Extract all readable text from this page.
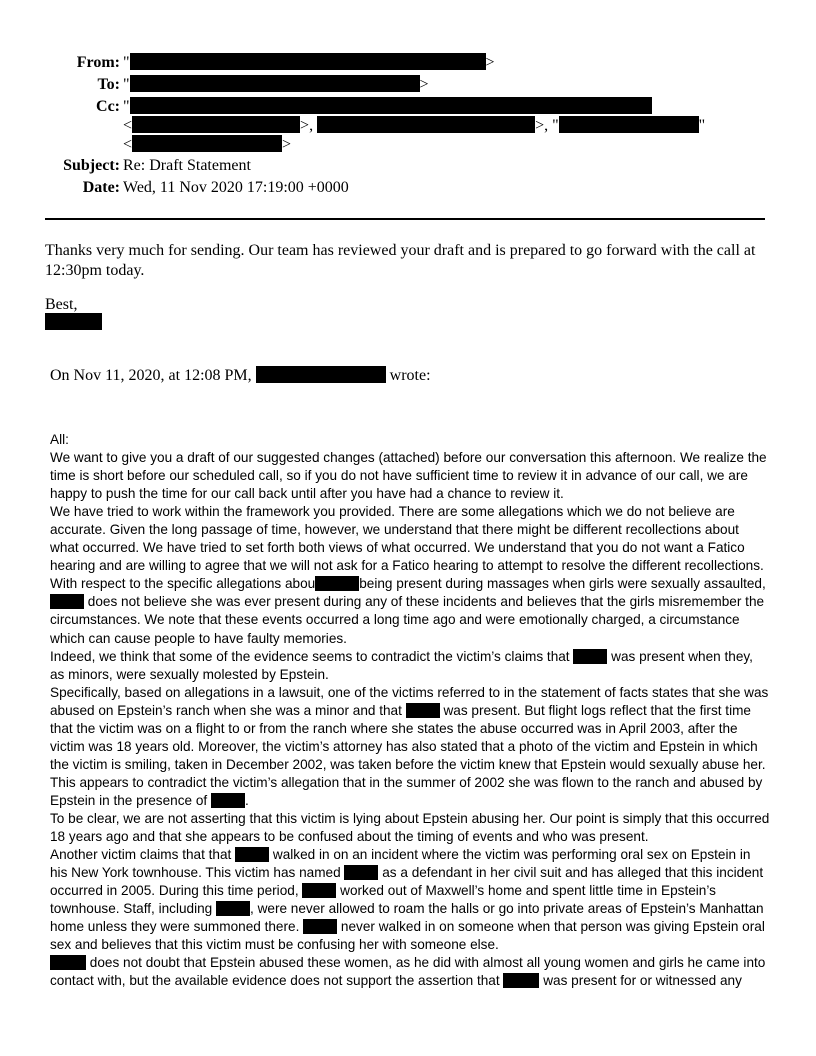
From: "	>
To: "	>
Cc: "
<	>,	>, "	"
<	>
Subject: Re: Draft Statement
Date: Wed, 11 Nov 2020 17:19:00 +0000
Thanks very much for sending. Our team has reviewed your draft and is prepared to go forward with the call at 12:30pm today.
Best,
On Nov 11, 2020, at 12:08 PM,	wrote:

All:

We want to give you a draft of our suggested changes (attached) before our conversation this afternoon. We realize the time is short before our scheduled call, so if you do not have sufficient time to review it in advance of our call, we are happy to push the time for our call back until after you have had a chance to review it.

We have tried to work within the framework you provided. There are some allegations which we do not believe are accurate. Given the long passage of time, however, we understand that there might be different recollections about what occurred. We have tried to set forth both views of what occurred. We understand that you do not want a Fatico hearing and are willing to agree that we will not ask for a Fatico hearing to attempt to resolve the different recollections.

With respect to the specific allegations abou	being present during massages when girls were sexually assaulted,  does not believe she was ever present during any of these incidents and believes that the girls misremember the circumstances. We note that these events occurred a long time ago and were emotionally charged, a circumstance which can cause people to have faulty memories.

Indeed, we think that some of the evidence seems to contradict the victim’s claims that	was present when they, as minors, were sexually molested by Epstein.

Specifically, based on allegations in a lawsuit, one of the victims referred to in the statement of facts states that she was abused on Epstein’s ranch when she was a minor and that	was present. But flight logs reflect that the first time that the victim was on a flight to or from the ranch where she states the abuse occurred was in April 2003, after the victim was 18 years old. Moreover, the victim’s attorney has also stated that a photo of the victim and Epstein in which the victim is smiling, taken in December 2002, was taken before the victim knew that Epstein would sexually abuse her. This appears to contradict the victim’s allegation that in the summer of 2002 she was flown to the ranch and abused by Epstein in the presence of	.

To be clear, we are not asserting that this victim is lying about Epstein abusing her. Our point is simply that this occurred 18 years ago and that she appears to be confused about the timing of events and who was present.

Another victim claims that that	walked in on an incident where the victim was performing oral sex on Epstein in his New York townhouse. This victim has named	as a defendant in her civil suit and has alleged that this incident occurred in 2005. During this time period,	worked out of Maxwell’s home and spent little time in Epstein’s townhouse. Staff, including	, were never allowed to roam the halls or go into private areas of Epstein’s Manhattan home unless they were summoned there.	never walked in on someone when that person was giving Epstein oral sex and believes that this victim must be confusing her with someone else.

does not doubt that Epstein abused these women, as he did with almost all young women and girls he came into contact with, but the available evidence does not support the assertion that	was present for or witnessed any
